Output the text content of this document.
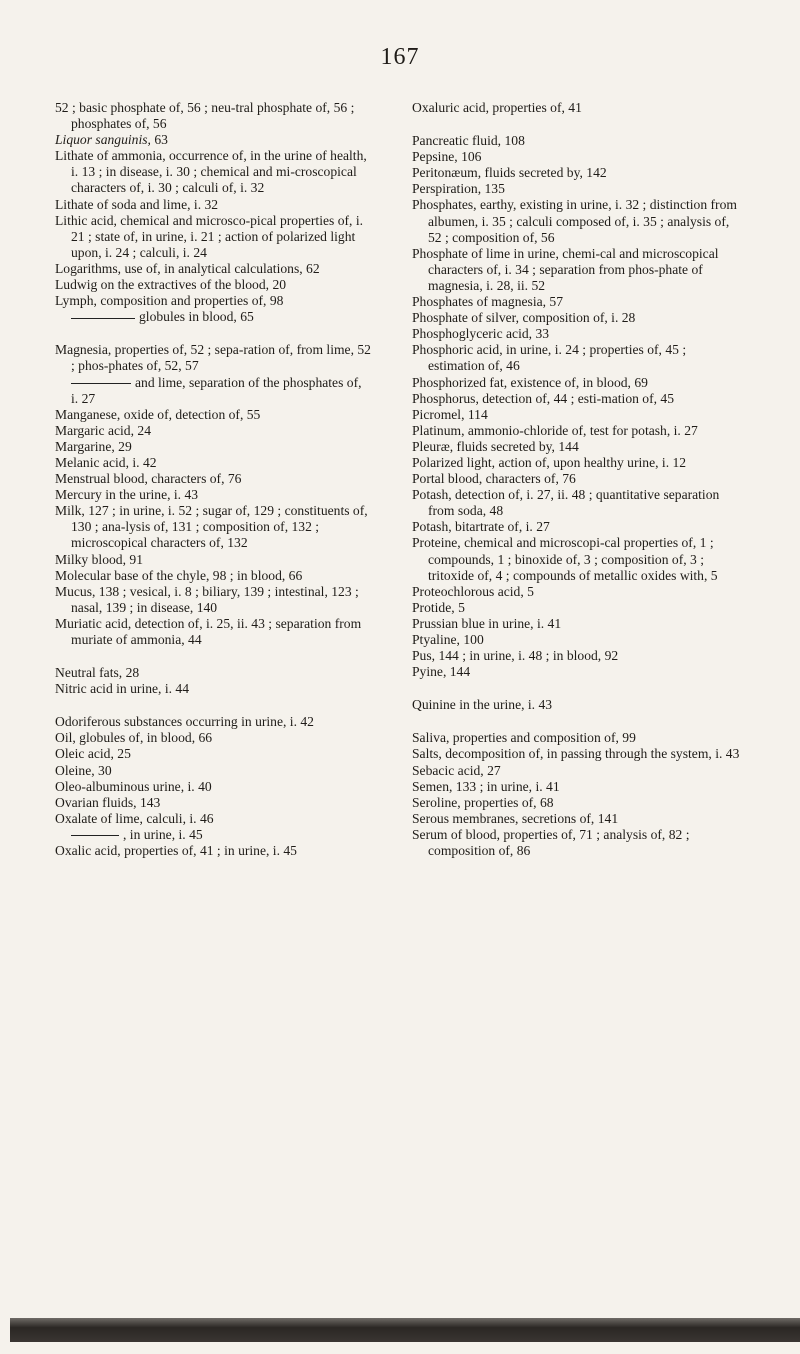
167

52 ; basic phosphate of, 56 ; neu-tral phosphate of, 56 ; phosphates of, 56

Liquor sanguinis, 63

Lithate of ammonia, occurrence of, in the urine of health, i. 13 ; in disease, i. 30 ; chemical and mi-croscopical characters of, i. 30 ; calculi of, i. 32

Lithate of soda and lime, i. 32

Lithic acid, chemical and microsco-pical properties of, i. 21 ; state of, in urine, i. 21 ; action of polarized light upon, i. 24 ; calculi, i. 24

Logarithms, use of, in analytical calculations, 62

Ludwig on the extractives of the blood, 20

Lymph, composition and properties of, 98

globules in blood, 65

Magnesia, properties of, 52 ; sepa-ration of, from lime, 52 ; phos-phates of, 52, 57

and lime, separation of the phosphates of, i. 27

Manganese, oxide of, detection of, 55

Margaric acid, 24

Margarine, 29

Melanic acid, i. 42

Menstrual blood, characters of, 76

Mercury in the urine, i. 43

Milk, 127 ; in urine, i. 52 ; sugar of, 129 ; constituents of, 130 ; ana-lysis of, 131 ; composition of, 132 ; microscopical characters of, 132

Milky blood, 91

Molecular base of the chyle, 98 ; in blood, 66

Mucus, 138 ; vesical, i. 8 ; biliary, 139 ; intestinal, 123 ; nasal, 139 ; in disease, 140

Muriatic acid, detection of, i. 25, ii. 43 ; separation from muriate of ammonia, 44

Neutral fats, 28

Nitric acid in urine, i. 44

Odoriferous substances occurring in urine, i. 42

Oil, globules of, in blood, 66

Oleic acid, 25

Oleine, 30

Oleo-albuminous urine, i. 40

Ovarian fluids, 143

Oxalate of lime, calculi, i. 46

, in urine, i. 45

Oxalic acid, properties of, 41 ; in urine, i. 45

Oxaluric acid, properties of, 41

Pancreatic fluid, 108

Pepsine, 106

Peritonæum, fluids secreted by, 142

Perspiration, 135

Phosphates, earthy, existing in urine, i. 32 ; distinction from albumen, i. 35 ; calculi composed of, i. 35 ; analysis of, 52 ; composition of, 56

Phosphate of lime in urine, chemi-cal and microscopical characters of, i. 34 ; separation from phos-phate of magnesia, i. 28, ii. 52

Phosphates of magnesia, 57

Phosphate of silver, composition of, i. 28

Phosphoglyceric acid, 33

Phosphoric acid, in urine, i. 24 ; properties of, 45 ; estimation of, 46

Phosphorized fat, existence of, in blood, 69

Phosphorus, detection of, 44 ; esti-mation of, 45

Picromel, 114

Platinum, ammonio-chloride of, test for potash, i. 27

Pleuræ, fluids secreted by, 144

Polarized light, action of, upon healthy urine, i. 12

Portal blood, characters of, 76

Potash, detection of, i. 27, ii. 48 ; quantitative separation from soda, 48

Potash, bitartrate of, i. 27

Proteine, chemical and microscopi-cal properties of, 1 ; compounds, 1 ; binoxide of, 3 ; composition of, 3 ; tritoxide of, 4 ; compounds of metallic oxides with, 5

Proteochlorous acid, 5

Protide, 5

Prussian blue in urine, i. 41

Ptyaline, 100

Pus, 144 ; in urine, i. 48 ; in blood, 92

Pyine, 144

Quinine in the urine, i. 43

Saliva, properties and composition of, 99

Salts, decomposition of, in passing through the system, i. 43

Sebacic acid, 27

Semen, 133 ; in urine, i. 41

Seroline, properties of, 68

Serous membranes, secretions of, 141

Serum of blood, properties of, 71 ; analysis of, 82 ; composition of, 86
